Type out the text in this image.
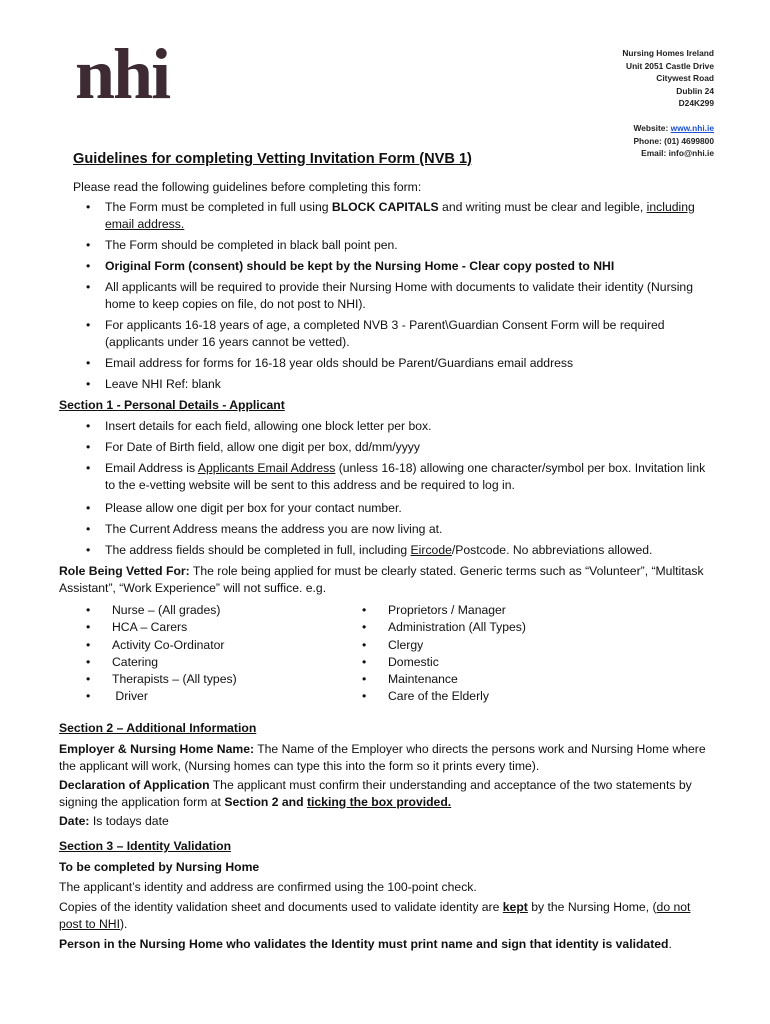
nhi	Nursing Homes Ireland
Unit 2051 Castle Drive
Citywest Road
Dublin 24
D24K299
Website: www.nhi.ie
Phone: (01) 4699800
Email: info@nhi.ie
Guidelines for completing Vetting Invitation Form (NVB 1)
Please read the following guidelines before completing this form:
• The Form must be completed in full using BLOCK CAPITALS and writing must be clear and legible, including email address.
• The Form should be completed in black ball point pen.
• Original Form (consent) should be kept by the Nursing Home - Clear copy posted to NHI
• All applicants will be required to provide their Nursing Home with documents to validate their identity (Nursing home to keep copies on file, do not post to NHI).
• For applicants 16-18 years of age, a completed NVB 3 - Parent\Guardian Consent Form will be required (applicants under 16 years cannot be vetted).
• Email address for forms for 16-18 year olds should be Parent/Guardians email address
• Leave NHI Ref: blank
Section 1 - Personal Details - Applicant
• Insert details for each field, allowing one block letter per box.
• For Date of Birth field, allow one digit per box, dd/mm/yyyy
• Email Address is Applicants Email Address (unless 16-18) allowing one character/symbol per box. Invitation link to the e-vetting website will be sent to this address and be required to log in.
• Please allow one digit per box for your contact number.
• The Current Address means the address you are now living at.
• The address fields should be completed in full, including Eircode/Postcode. No abbreviations allowed.
Role Being Vetted For: The role being applied for must be clearly stated. Generic terms such as “Volunteer”, “Multitask Assistant”, “Work Experience” will not suffice. e.g.
• Nurse – (All grades)
• HCA – Carers
• Activity Co-Ordinator
• Catering
• Therapists – (All types)
•  Driver
• Proprietors / Manager
• Administration (All Types)
• Clergy
• Domestic
• Maintenance
• Care of the Elderly
Section 2 – Additional Information
Employer & Nursing Home Name: The Name of the Employer who directs the persons work and Nursing Home where the applicant will work, (Nursing homes can type this into the form so it prints every time).
Declaration of Application The applicant must confirm their understanding and acceptance of the two statements by signing the application form at Section 2 and ticking the box provided.
Date: Is todays date
Section 3 – Identity Validation
To be completed by Nursing Home
The applicant’s identity and address are confirmed using the 100-point check.
Copies of the identity validation sheet and documents used to validate identity are kept by the Nursing Home, (do not post to NHI).
Person in the Nursing Home who validates the Identity must print name and sign that identity is validated.
